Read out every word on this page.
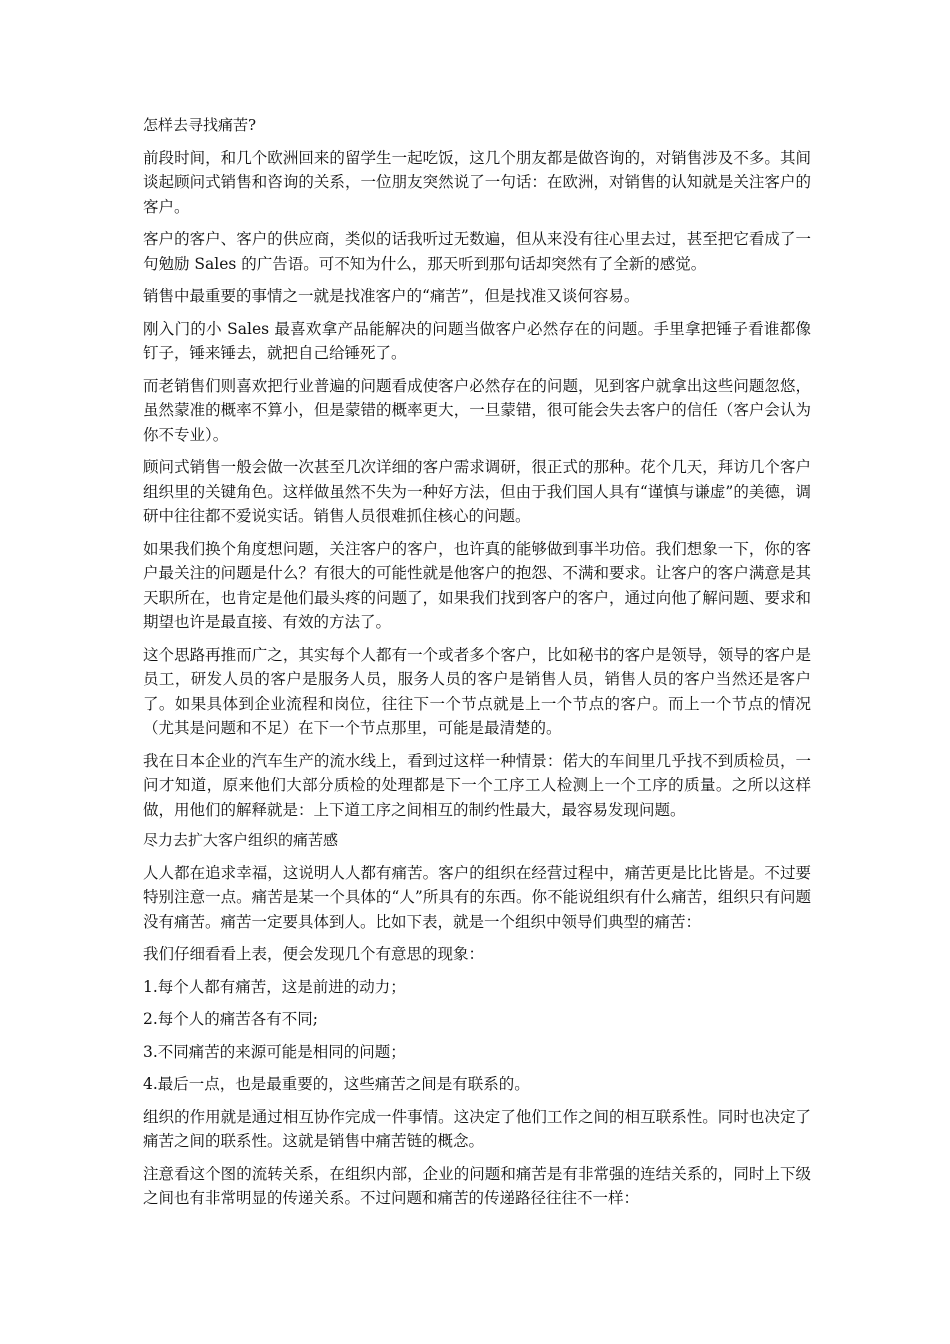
怎样去寻找痛苦?

前段时间，和几个欧洲回来的留学生一起吃饭，这几个朋友都是做咨询的，对销售涉及不多。其间谈起顾问式销售和咨询的关系，一位朋友突然说了一句话：在欧洲，对销售的认知就是关注客户的客户。

客户的客户、客户的供应商，类似的话我听过无数遍，但从来没有往心里去过，甚至把它看成了一句勉励 Sales 的广告语。可不知为什么，那天听到那句话却突然有了全新的感觉。

销售中最重要的事情之一就是找准客户的“痛苦”，但是找准又谈何容易。

刚入门的小 Sales 最喜欢拿产品能解决的问题当做客户必然存在的问题。手里拿把锤子看谁都像钉子，锤来锤去，就把自己给锤死了。

而老销售们则喜欢把行业普遍的问题看成使客户必然存在的问题，见到客户就拿出这些问题忽悠，虽然蒙准的概率不算小，但是蒙错的概率更大，一旦蒙错，很可能会失去客户的信任（客户会认为你不专业）。

顾问式销售一般会做一次甚至几次详细的客户需求调研，很正式的那种。花个几天，拜访几个客户组织里的关键角色。这样做虽然不失为一种好方法，但由于我们国人具有“谨慎与谦虚”的美德，调研中往往都不爱说实话。销售人员很难抓住核心的问题。

如果我们换个角度想问题，关注客户的客户，也许真的能够做到事半功倍。我们想象一下，你的客户最关注的问题是什么？有很大的可能性就是他客户的抱怨、不满和要求。让客户的客户满意是其天职所在，也肯定是他们最头疼的问题了，如果我们找到客户的客户，通过向他了解问题、要求和期望也许是最直接、有效的方法了。

这个思路再推而广之，其实每个人都有一个或者多个客户，比如秘书的客户是领导，领导的客户是员工，研发人员的客户是服务人员，服务人员的客户是销售人员，销售人员的客户当然还是客户了。如果具体到企业流程和岗位，往往下一个节点就是上一个节点的客户。而上一个节点的情况（尤其是问题和不足）在下一个节点那里，可能是最清楚的。

我在日本企业的汽车生产的流水线上，看到过这样一种情景：偌大的车间里几乎找不到质检员，一问才知道，原来他们大部分质检的处理都是下一个工序工人检测上一个工序的质量。之所以这样做，用他们的解释就是：上下道工序之间相互的制约性最大，最容易发现问题。

尽力去扩大客户组织的痛苦感

人人都在追求幸福，这说明人人都有痛苦。客户的组织在经营过程中，痛苦更是比比皆是。不过要特别注意一点。痛苦是某一个具体的“人”所具有的东西。你不能说组织有什么痛苦，组织只有问题没有痛苦。痛苦一定要具体到人。比如下表，就是一个组织中领导们典型的痛苦：

我们仔细看看上表，便会发现几个有意思的现象：

1.每个人都有痛苦，这是前进的动力；

2.每个人的痛苦各有不同;

3.不同痛苦的来源可能是相同的问题；

4.最后一点，也是最重要的，这些痛苦之间是有联系的。

组织的作用就是通过相互协作完成一件事情。这决定了他们工作之间的相互联系性。同时也决定了痛苦之间的联系性。这就是销售中痛苦链的概念。

注意看这个图的流转关系，在组织内部，企业的问题和痛苦是有非常强的连结关系的，同时上下级之间也有非常明显的传递关系。不过问题和痛苦的传递路径往往不一样：
